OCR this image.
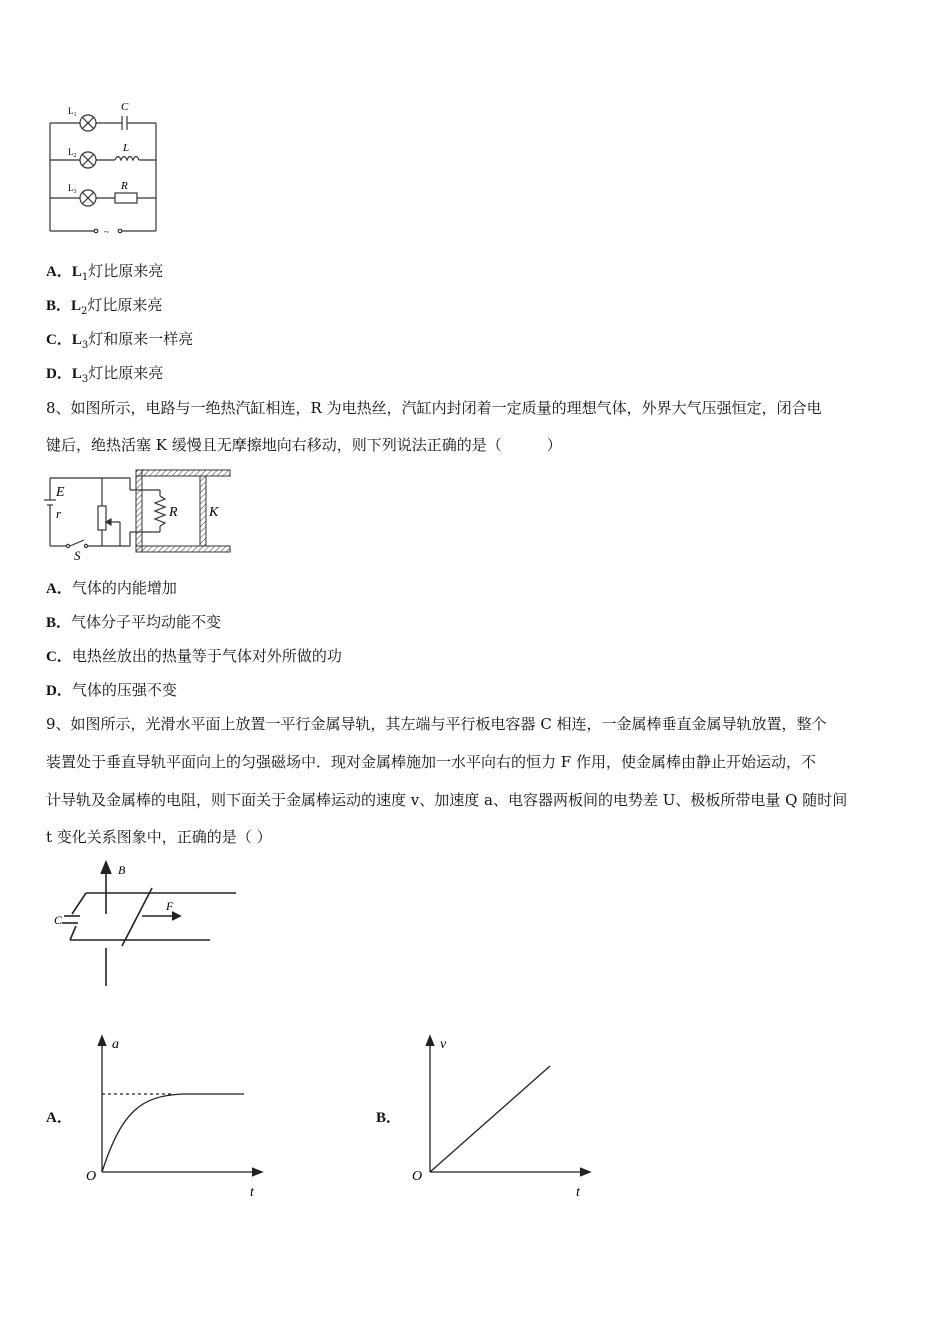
$L_1$
$L_2$
$L_3$
C
L
R
~
A．$L_1$灯比原来亮
B．$L_2$灯比原来亮
C．$L_3$灯和原来一样亮
D．$L_3$灯比原来亮
8、如图所示，电路与一绝热汽缸相连，R 为电热丝，汽缸内封闭着一定质量的理想气体，外界大气压强恒定，闭合电
键后，绝热活塞 K 缓慢且无摩擦地向右移动，则下列说法正确的是（　　　）
E
r
S
R K
A．气体的内能增加
B．气体分子平均动能不变
C．电热丝放出的热量等于气体对外所做的功
D．气体的压强不变
9、如图所示，光滑水平面上放置一平行金属导轨，其左端与平行板电容器 C 相连，一金属棒垂直金属导轨放置，整个
装置处于垂直导轨平面向上的匀强磁场中．现对金属棒施加一水平向右的恒力 F 作用，使金属棒由静止开始运动，不
计导轨及金属棒的电阻，则下面关于金属棒运动的速度 v、加速度 a、电容器两板间的电势差 U、极板所带电量 Q 随时间
t 变化关系图象中，正确的是（ ）
B
C
F
A．
a
t
O
B．
v
t
O
